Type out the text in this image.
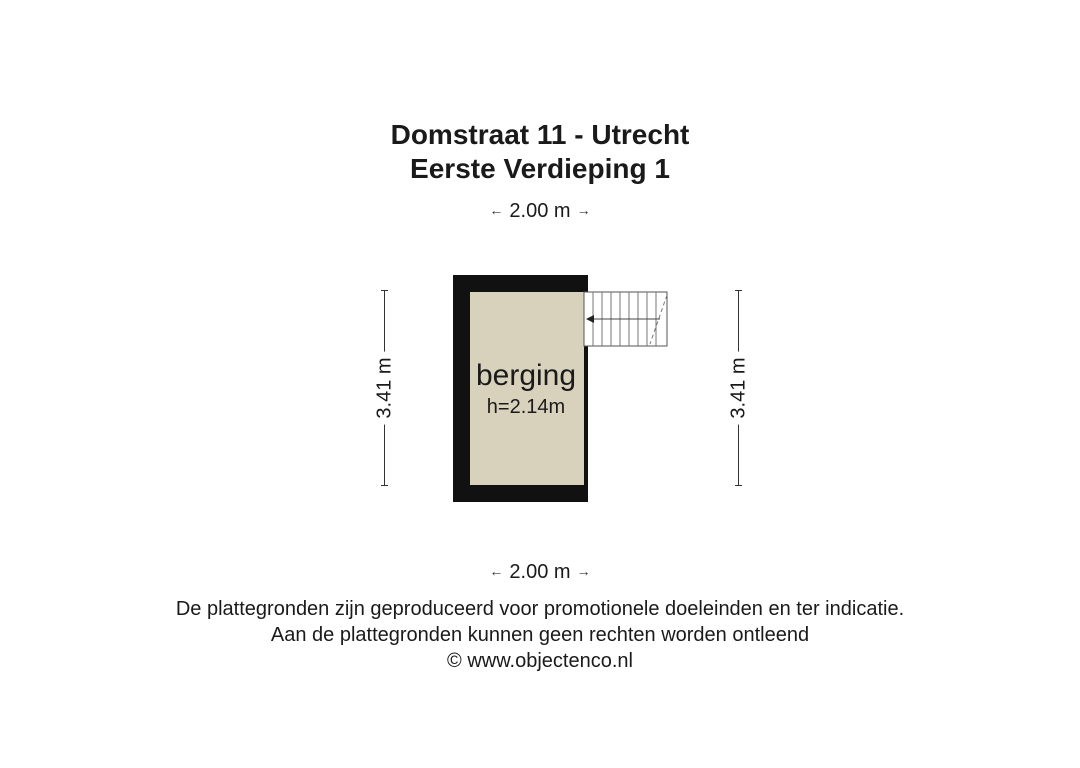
Domstraat 11 - Utrecht
Eerste Verdieping 1
← 2.00 m →
3.41 m	3.41 m
berging
h=2.14m
← 2.00 m →
De plattegronden zijn geproduceerd voor promotionele doeleinden en ter indicatie.
Aan de plattegronden kunnen geen rechten worden ontleend
© www.objectenco.nl
